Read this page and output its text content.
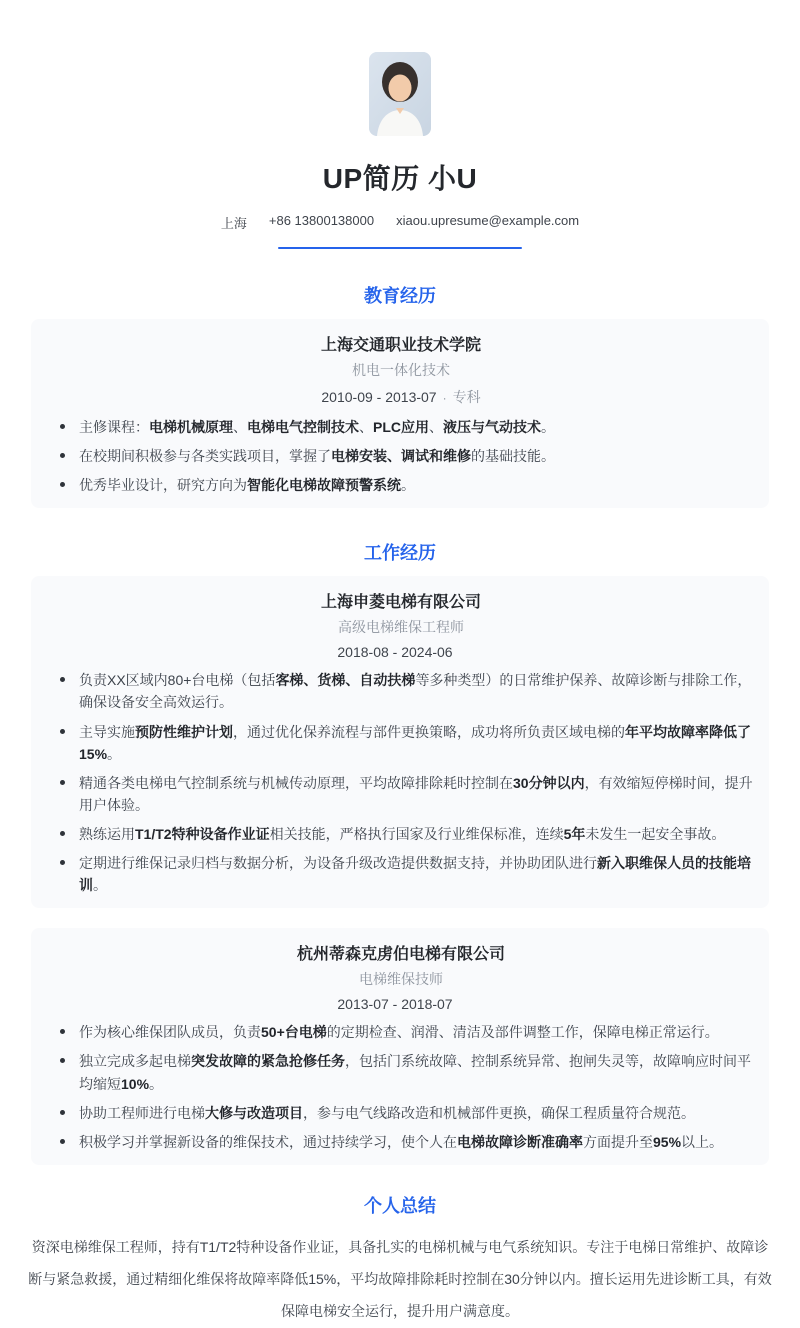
UP简历 小U
上海 +86 13800138000 xiaou.upresume@example.com
教育经历
上海交通职业技术学院
机电一体化技术
2010-09 - 2013-07 · 专科
主修课程：电梯机械原理、电梯电气控制技术、PLC应用、液压与气动技术。
在校期间积极参与各类实践项目，掌握了电梯安装、调试和维修的基础技能。
优秀毕业设计，研究方向为智能化电梯故障预警系统。
工作经历
上海申菱电梯有限公司
高级电梯维保工程师
2018-08 - 2024-06
负责XX区域内80+台电梯（包括客梯、货梯、自动扶梯等多种类型）的日常维护保养、故障诊断与排除工作，确保设备安全高效运行。
主导实施预防性维护计划，通过优化保养流程与部件更换策略，成功将所负责区域电梯的年平均故障率降低了15%。
精通各类电梯电气控制系统与机械传动原理，平均故障排除耗时控制在30分钟以内，有效缩短停梯时间，提升用户体验。
熟练运用T1/T2特种设备作业证相关技能，严格执行国家及行业维保标准，连续5年未发生一起安全事故。
定期进行维保记录归档与数据分析，为设备升级改造提供数据支持，并协助团队进行新入职维保人员的技能培训。
杭州蒂森克虏伯电梯有限公司
电梯维保技师
2013-07 - 2018-07
作为核心维保团队成员，负责50+台电梯的定期检查、润滑、清洁及部件调整工作，保障电梯正常运行。
独立完成多起电梯突发故障的紧急抢修任务，包括门系统故障、控制系统异常、抱闸失灵等，故障响应时间平均缩短10%。
协助工程师进行电梯大修与改造项目，参与电气线路改造和机械部件更换，确保工程质量符合规范。
积极学习并掌握新设备的维保技术，通过持续学习，使个人在电梯故障诊断准确率方面提升至95%以上。
个人总结

资深电梯维保工程师，持有T1/T2特种设备作业证，具备扎实的电梯机械与电气系统知识。专注于电梯日常维护、故障诊断与紧急救援，通过精细化维保将故障率降低15%，平均故障排除耗时控制在30分钟以内。擅长运用先进诊断工具，有效保障电梯安全运行，提升用户满意度。
